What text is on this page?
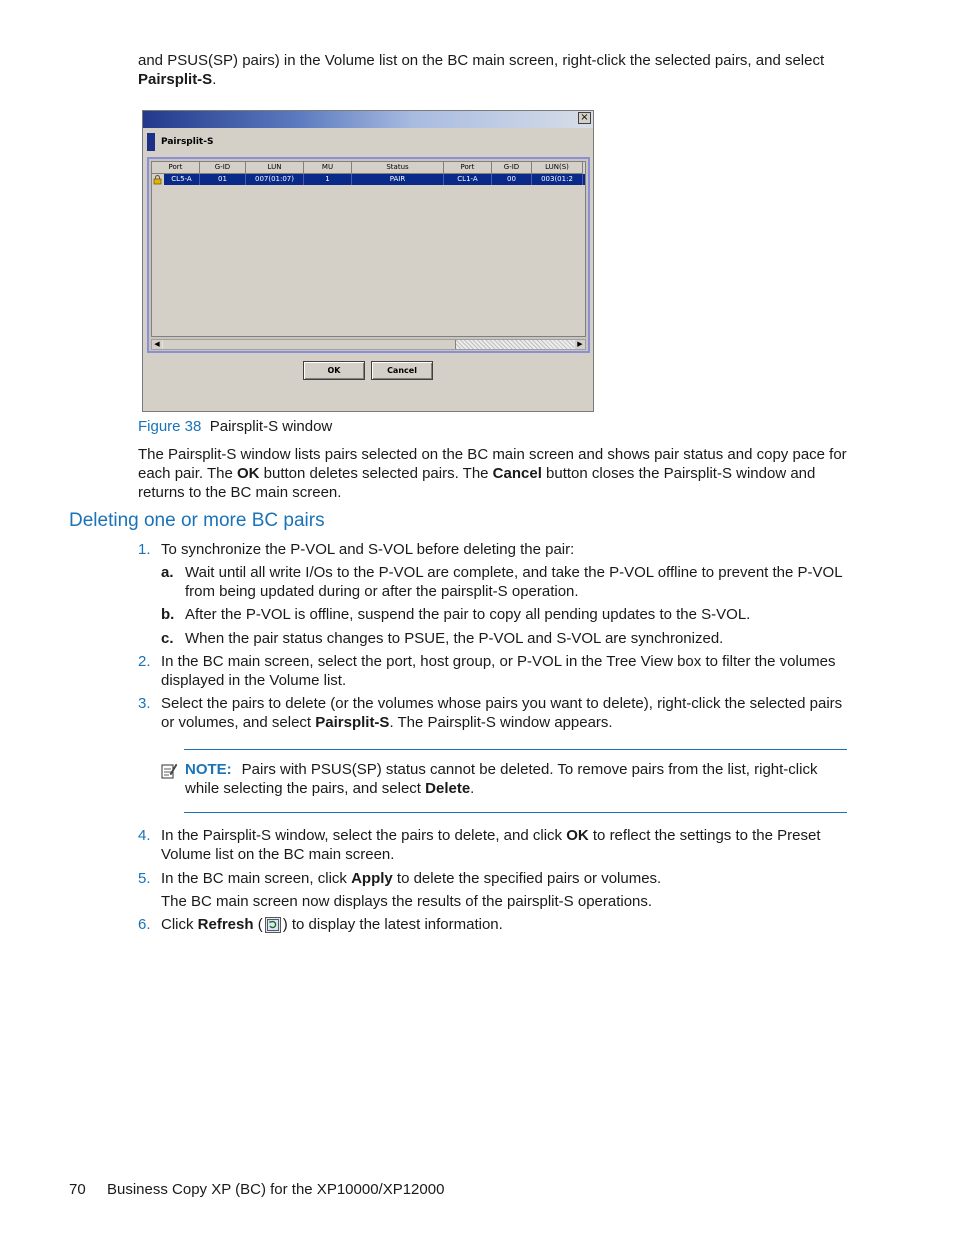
and PSUS(SP) pairs) in the Volume list on the BC main screen, right-click the selected pairs, and select
Pairsplit-S.

×
Pairsplit-S
Port	G-ID	LUN	MU	Status	Port	G-ID	LUN(S)
CL5-A	01	007(01:07)	1	PAIR	CL1-A	00	003(01:2
◀	▶
OK	Cancel
Figure 38 Pairsplit-S window

The Pairsplit-S window lists pairs selected on the BC main screen and shows pair status and copy pace for each pair. The OK button deletes selected pairs. The Cancel button closes the Pairsplit-S window and returns to the BC main screen.

Deleting one or more BC pairs
1. To synchronize the P-VOL and S-VOL before deleting the pair:
a. Wait until all write I/Os to the P-VOL are complete, and take the P-VOL offline to prevent the P-VOL from being updated during or after the pairsplit-S operation.
b. After the P-VOL is offline, suspend the pair to copy all pending updates to the S-VOL.
c. When the pair status changes to PSUE, the P-VOL and S-VOL are synchronized.
2. In the BC main screen, select the port, host group, or P-VOL in the Tree View box to filter the volumes displayed in the Volume list.
3. Select the pairs to delete (or the volumes whose pairs you want to delete), right-click the selected pairs or volumes, and select Pairsplit-S. The Pairsplit-S window appears.
NOTE: Pairs with PSUS(SP) status cannot be deleted. To remove pairs from the list, right-click while selecting the pairs, and select Delete.
4. In the Pairsplit-S window, select the pairs to delete, and click OK to reflect the settings to the Preset Volume list on the BC main screen.
5. In the BC main screen, click Apply to delete the specified pairs or volumes.
The BC main screen now displays the results of the pairsplit-S operations.
6. Click Refresh ( ) to display the latest information.
70 Business Copy XP (BC) for the XP10000/XP12000
